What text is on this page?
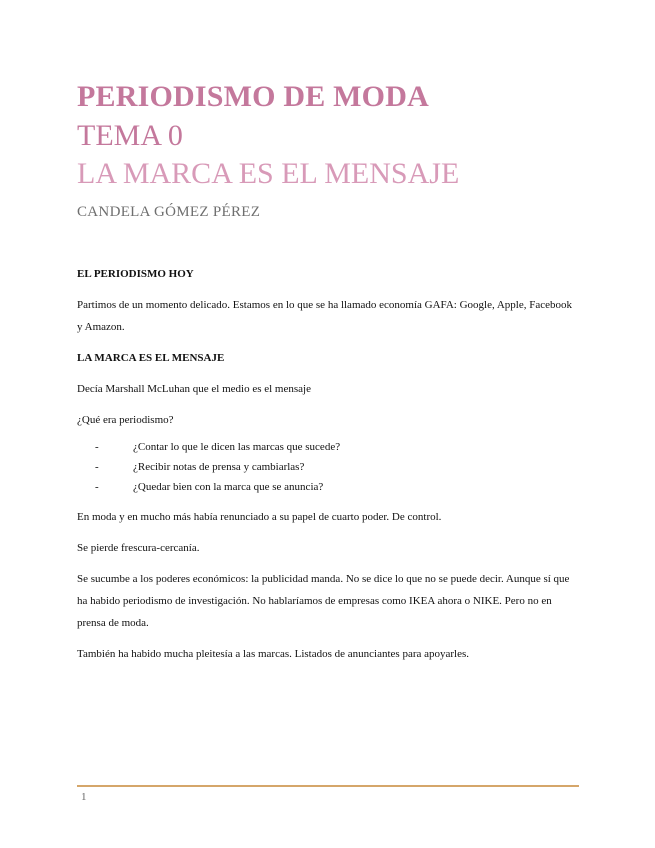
PERIODISMO DE MODA
TEMA 0
LA MARCA ES EL MENSAJE
CANDELA GÓMEZ PÉREZ
EL PERIODISMO HOY

Partimos de un momento delicado. Estamos en lo que se ha llamado economía GAFA: Google, Apple, Facebook y Amazon.

LA MARCA ES EL MENSAJE

Decía Marshall McLuhan que el medio es el mensaje

¿Qué era periodismo?

-	¿Contar lo que le dicen las marcas que sucede?
-	¿Recibir notas de prensa y cambiarlas?
-	¿Quedar bien con la marca que se anuncia?

En moda y en mucho más había renunciado a su papel de cuarto poder. De control.

Se pierde frescura-cercanía.

Se sucumbe a los poderes económicos: la publicidad manda. No se dice lo que no se puede decir. Aunque sí que ha habido periodismo de investigación. No hablaríamos de empresas como IKEA ahora o NIKE. Pero no en prensa de moda.

También ha habido mucha pleitesía a las marcas. Listados de anunciantes para apoyarles.

1
